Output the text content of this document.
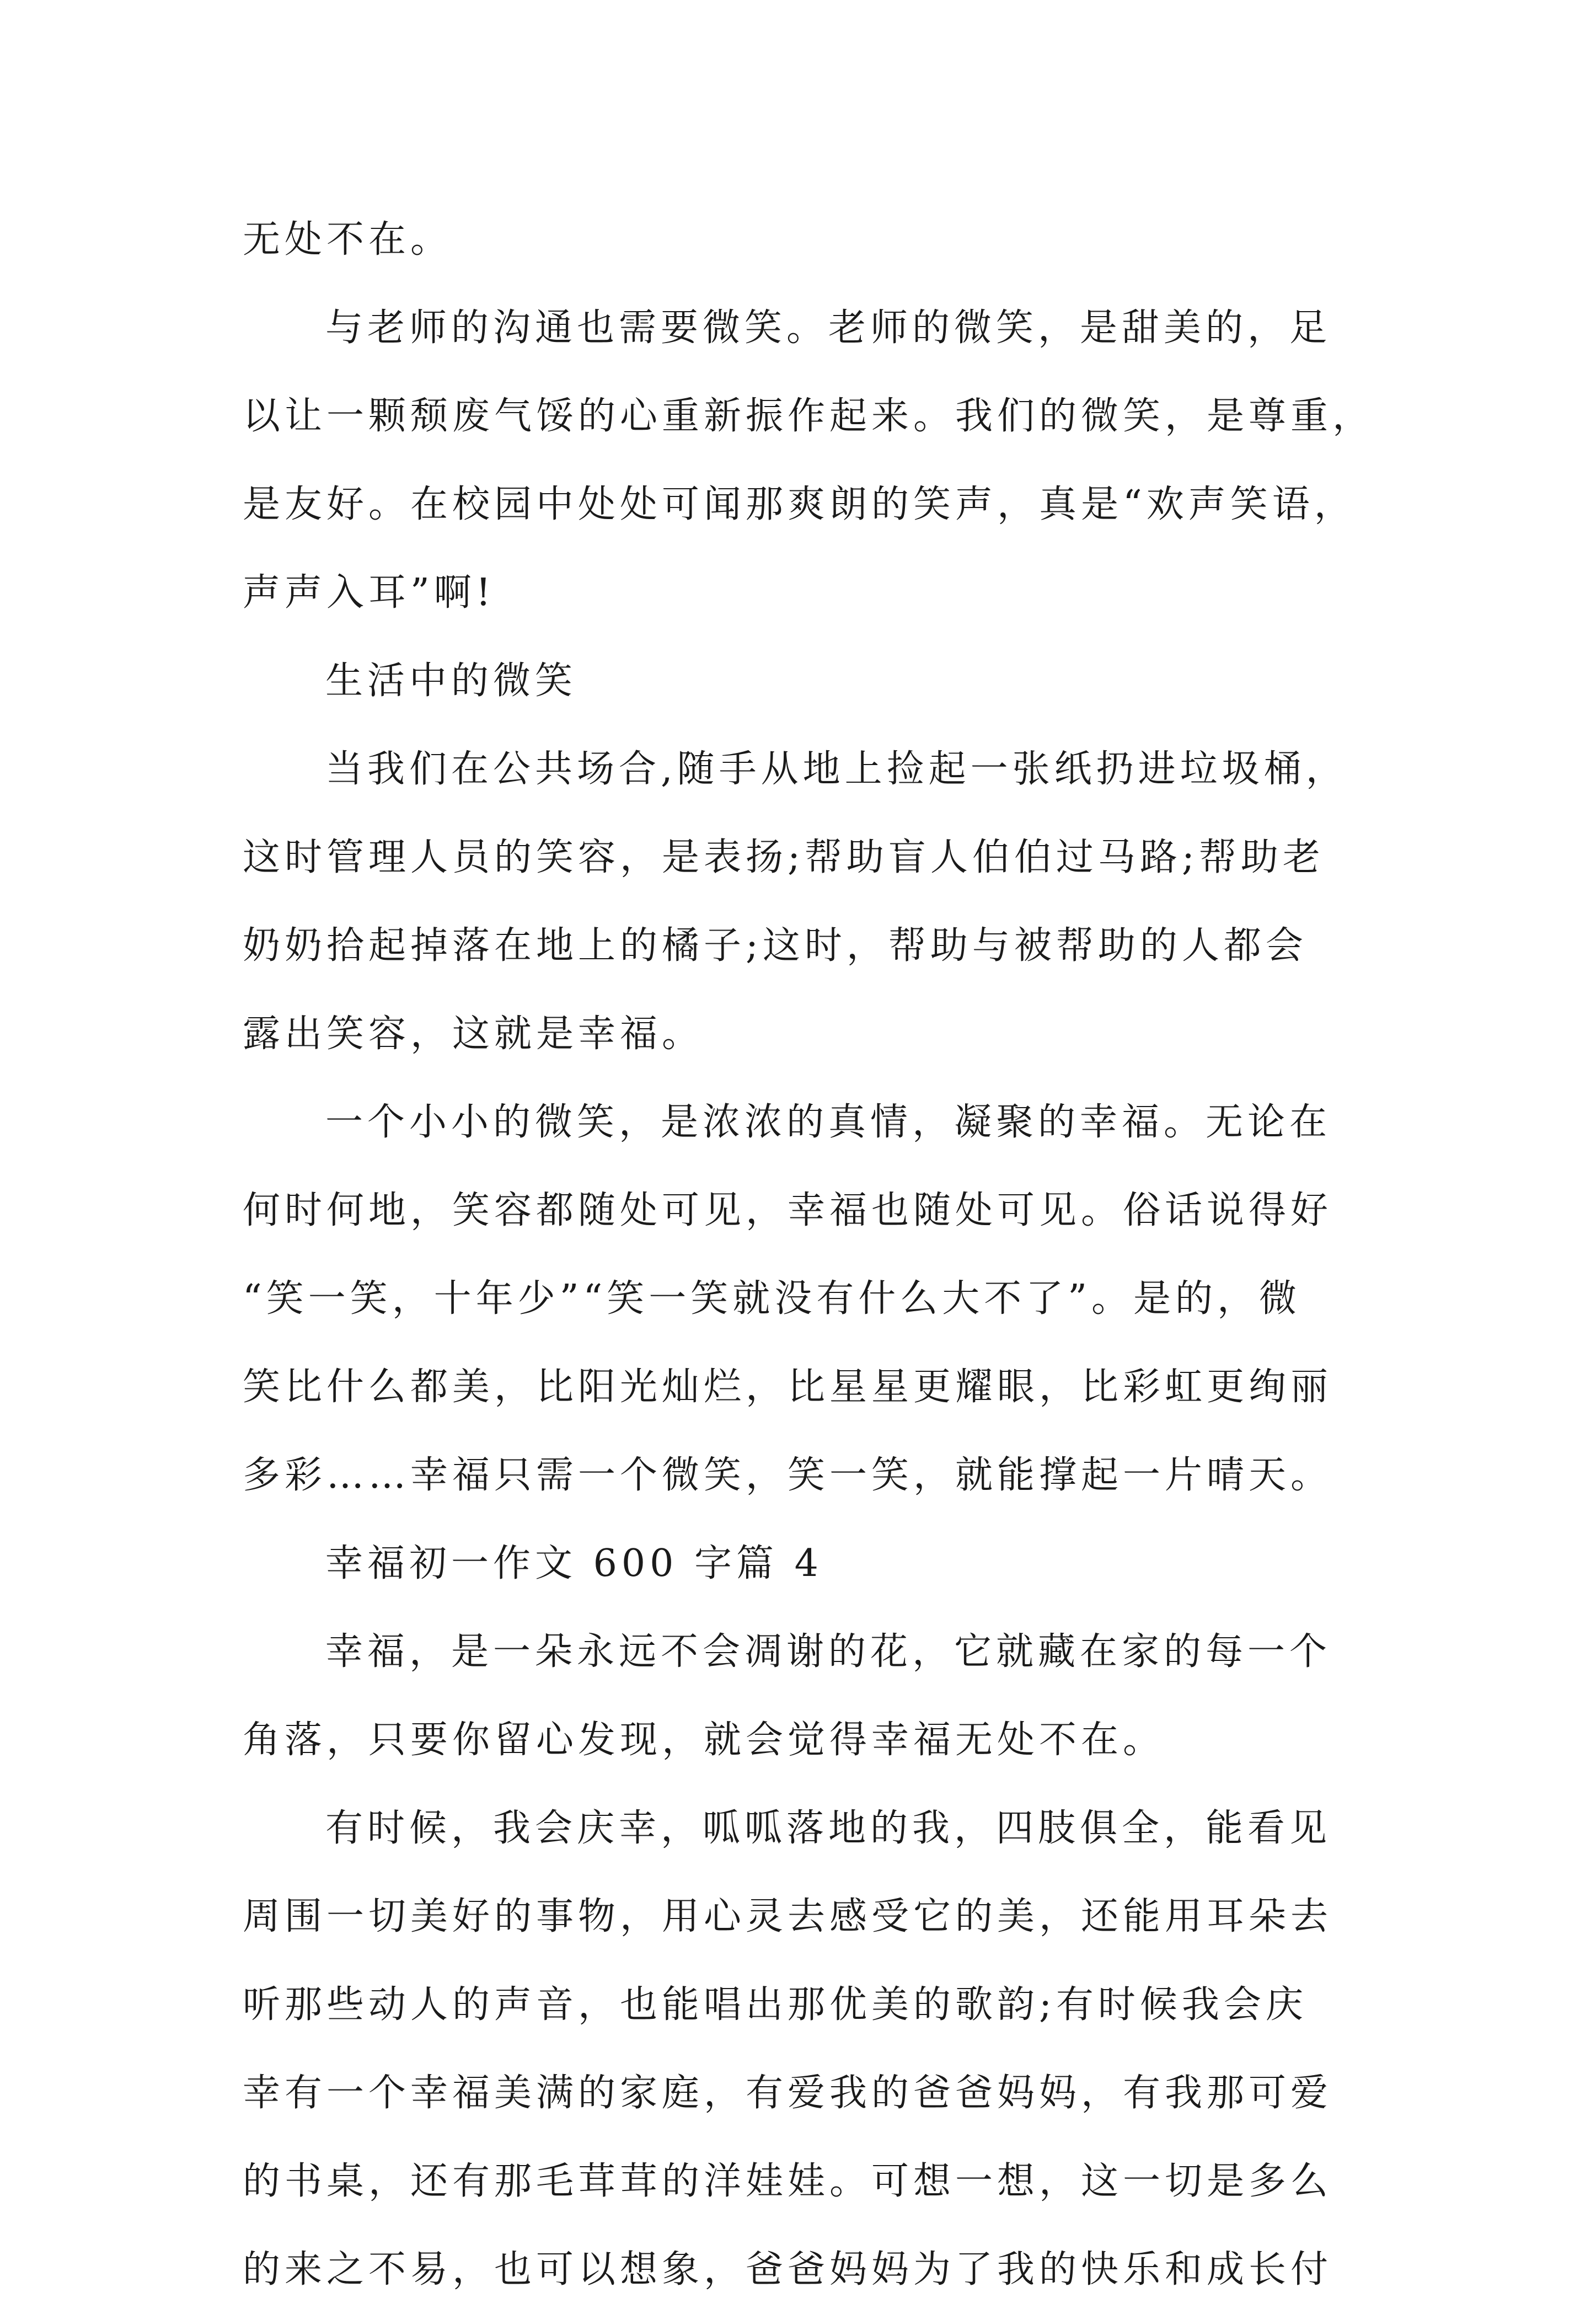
无处不在。
与老师的沟通也需要微笑。老师的微笑，是甜美的，足
以让一颗颓废气馁的心重新振作起来。我们的微笑，是尊重，
是友好。在校园中处处可闻那爽朗的笑声，真是“欢声笑语，
声声入耳”啊!
生活中的微笑
当我们在公共场合,随手从地上捡起一张纸扔进垃圾桶，
这时管理人员的笑容，是表扬;帮助盲人伯伯过马路;帮助老
奶奶拾起掉落在地上的橘子;这时，帮助与被帮助的人都会
露出笑容，这就是幸福。
一个小小的微笑，是浓浓的真情，凝聚的幸福。无论在
何时何地，笑容都随处可见，幸福也随处可见。俗话说得好
“笑一笑，十年少”“笑一笑就没有什么大不了”。是的，微
笑比什么都美，比阳光灿烂，比星星更耀眼，比彩虹更绚丽
多彩……幸福只需一个微笑，笑一笑，就能撑起一片晴天。
幸福初一作文 600 字篇 4
幸福，是一朵永远不会凋谢的花，它就藏在家的每一个
角落，只要你留心发现，就会觉得幸福无处不在。
有时候，我会庆幸，呱呱落地的我，四肢俱全，能看见
周围一切美好的事物，用心灵去感受它的美，还能用耳朵去
听那些动人的声音，也能唱出那优美的歌韵;有时候我会庆
幸有一个幸福美满的家庭，有爱我的爸爸妈妈，有我那可爱
的书桌，还有那毛茸茸的洋娃娃。可想一想，这一切是多么
的来之不易，也可以想象，爸爸妈妈为了我的快乐和成长付
